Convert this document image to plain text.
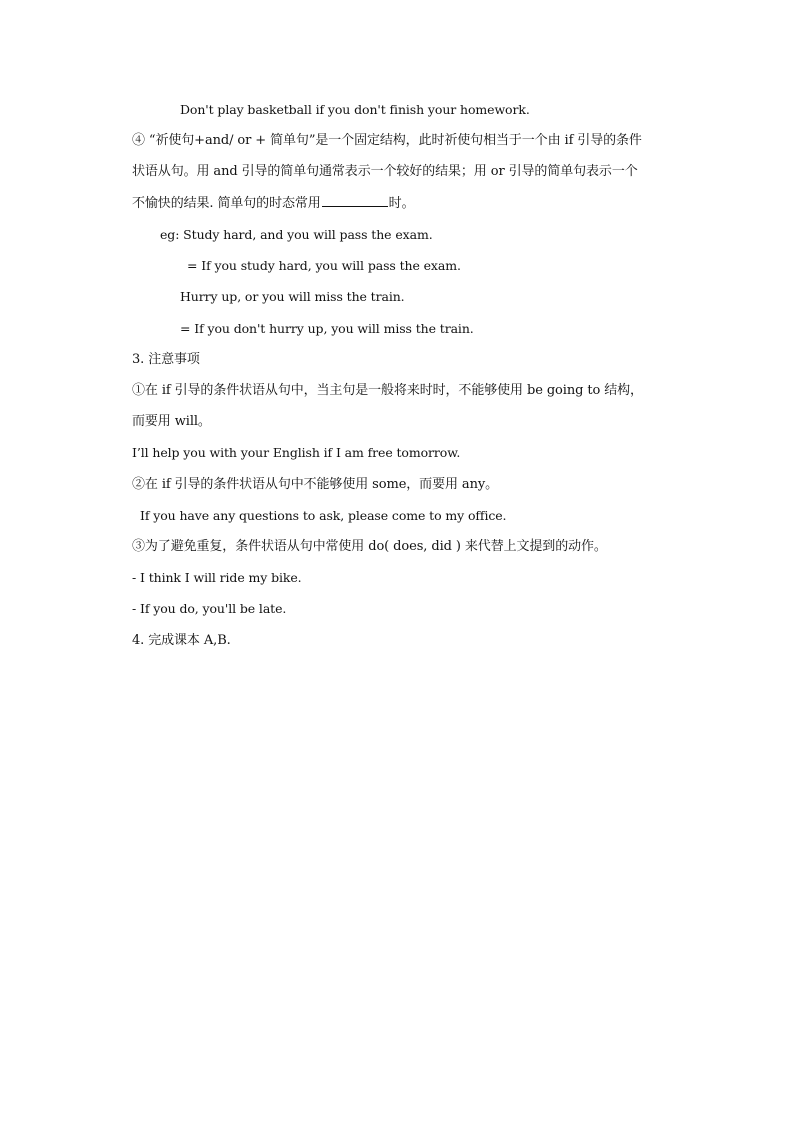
Don't play basketball if you don't finish your homework.
④ “祈使句+and/ or + 简单句”是一个固定结构，此时祈使句相当于一个由 if 引导的条件
状语从句。用 and 引导的简单句通常表示一个较好的结果；用 or 引导的简单句表示一个
不愉快的结果. 简单句的时态常用	时。
eg: Study hard, and you will pass the exam.
= If you study hard, you will pass the exam.
Hurry up, or you will miss the train.
= If you don't hurry up, you will miss the train.
3. 注意事项
①在 if 引导的条件状语从句中，当主句是一般将来时时，不能够使用 be going to 结构，
而要用 will。
I’ll help you with your English if I am free tomorrow.
②在 if 引导的条件状语从句中不能够使用 some，而要用 any。
If you have any questions to ask, please come to my office.
③为了避免重复，条件状语从句中常使用 do( does, did ) 来代替上文提到的动作。
- I think I will ride my bike.
- If you do, you'll be late.
4. 完成课本 A,B.
